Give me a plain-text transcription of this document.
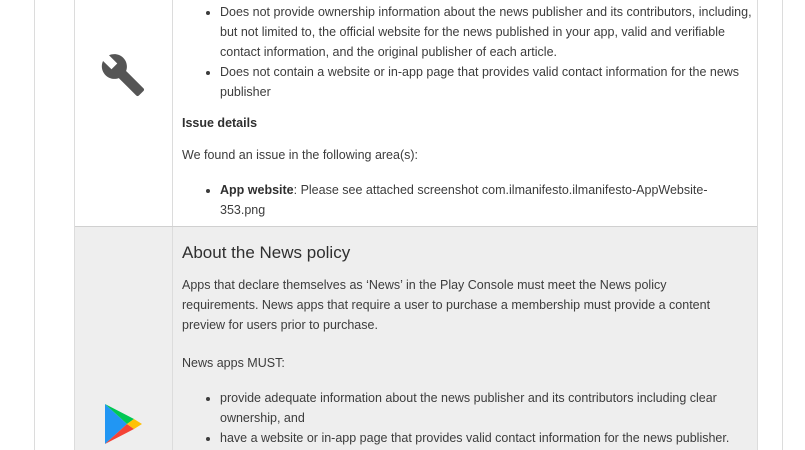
• Does not provide ownership information about the news publisher and its contributors, including, but not limited to, the official website for the news published in your app, valid and verifiable contact information, and the original publisher of each article.
• Does not contain a website or in-app page that provides valid contact information for the news publisher
Issue details
We found an issue in the following area(s):
• App website: Please see attached screenshot com.ilmanifesto.ilmanifesto-AppWebsite-353.png
About the News policy
Apps that declare themselves as ‘News’ in the Play Console must meet the News policy requirements. News apps that require a user to purchase a membership must provide a content preview for users prior to purchase.
News apps MUST:
• provide adequate information about the news publisher and its contributors including clear ownership, and
• have a website or in-app page that provides valid contact information for the news publisher.
